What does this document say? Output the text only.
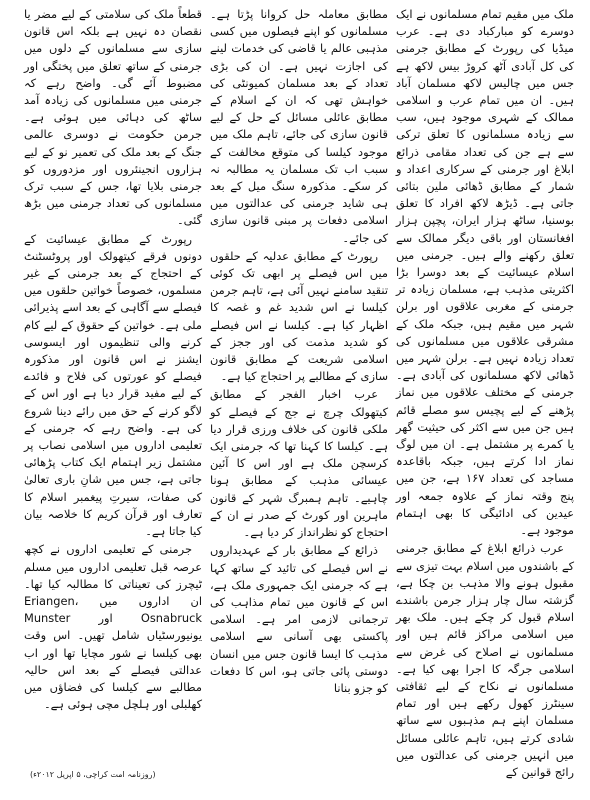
ملک میں مقیم تمام مسلمانوں نے ایک دوسرے کو مبارکباد دی ہے۔ عرب میڈیا کی رپورٹ کے مطابق جرمنی کی کل آبادی آٹھ کروڑ بیس لاکھ ہے جس میں چالیس لاکھ مسلمان آباد ہیں۔ ان میں تمام عرب و اسلامی ممالک کے شہری موجود ہیں، سب سے زیادہ مسلمانوں کا تعلق ترکی سے ہے جن کی تعداد مقامی ذرائع ابلاغ اور جرمنی کے سرکاری اعداد و شمار کے مطابق ڈھائی ملین بتائی جاتی ہے۔ ڈیڑھ لاکھ افراد کا تعلق بوسنیا، ساٹھ ہزار ایران، پچپن ہزار افغانستان اور باقی دیگر ممالک سے تعلق رکھنے والے ہیں۔ جرمنی میں اسلام عیسائیت کے بعد دوسرا بڑا اکثریتی مذہب ہے، مسلمان زیادہ تر جرمنی کے مغربی علاقوں اور برلن شہر میں مقیم ہیں، جبکہ ملک کے مشرقی علاقوں میں مسلمانوں کی تعداد زیادہ نہیں ہے۔ برلن شہر میں ڈھائی لاکھ مسلمانوں کی آبادی ہے۔ جرمنی کے مختلف علاقوں میں نماز پڑھنے کے لیے پچیس سو مصلے قائم ہیں جن میں سے اکثر کی حیثیت گھر یا کمرے پر مشتمل ہے۔ ان میں لوگ نماز ادا کرتے ہیں، جبکہ باقاعدہ مساجد کی تعداد ۱۶۷ ہے، جن میں پنج وقتہ نماز کے علاوہ جمعہ اور عیدین کی ادائیگی کا بھی اہتمام موجود ہے۔

عرب ذرائع ابلاغ کے مطابق جرمنی کے باشندوں میں اسلام بہت تیزی سے مقبول ہونے والا مذہب بن چکا ہے، گزشتہ سال چار ہزار جرمن باشندے اسلام قبول کر چکے ہیں۔ ملک بھر میں اسلامی مراکز قائم ہیں اور مسلمانوں نے اصلاح کی غرض سے اسلامی جرگہ کا اجرا بھی کیا ہے۔ مسلمانوں نے نکاح کے لیے ثقافتی سینٹرز کھول رکھے ہیں اور تمام مسلمان اپنے ہم مذہبوں سے ساتھ شادی کرتے ہیں، تاہم عائلی مسائل میں انہیں جرمنی کی عدالتوں میں رائج قوانین کے

مطابق معاملہ حل کروانا پڑتا ہے۔ مسلمانوں کو اپنے فیصلوں میں کسی مذہبی عالم یا قاضی کی خدمات لینے کی اجازت نہیں ہے۔ ان کی بڑی تعداد کے بعد مسلمان کمیونٹی کی خواہش تھی کہ ان کے اسلام کے مطابق عائلی مسائل کے حل کے لیے قانون سازی کی جائے، تاہم ملک میں موجود کیلسا کی متوقع مخالفت کے سبب اب تک مسلمان یہ مطالبہ نہ کر سکے۔ مذکورہ سنگ میل کے بعد ہی شاید جرمنی کی عدالتوں میں اسلامی دفعات پر مبنی قانون سازی کی جائے۔

رپورٹ کے مطابق عدلیہ کے حلقوں میں اس فیصلے پر ابھی تک کوئی تنقید سامنے نہیں آئی ہے، تاہم جرمن کیلسا نے اس شدید غم و غصہ کا اظہار کیا ہے۔ کیلسا نے اس فیصلے کو شدید مذمت کی اور ججز کے اسلامی شریعت کے مطابق قانون سازی کے مطالبے پر احتجاج کیا ہے۔

عرب اخبار الفجر کے مطابق کیتھولک چرچ نے جج کے فیصلے کو ملکی قانون کی خلاف ورزی قرار دیا ہے۔ کیلسا کا کہنا تھا کہ جرمنی ایک کرسچن ملک ہے اور اس کا آئین عیسائی مذہب کے مطابق ہونا چاہیے۔ تاہم ہمبرگ شہر کے قانون ماہرین اور کورٹ کے صدر نے ان کے احتجاج کو نظرانداز کر دیا ہے۔

ذرائع کے مطابق بار کے عہدیداروں نے اس فیصلے کی تائید کے ساتھ کہا ہے کہ جرمنی ایک جمہوری ملک ہے، اس کے قانون میں تمام مذاہب کی ترجمانی لازمی امر ہے۔ اسلامی پاکستی بھی آسانی سے اسلامی مذہب کا ایسا قانون جس میں انسان دوستی پائی جاتی ہو، اس کا دفعات کو جزو بنانا

قطعاً ملک کی سلامتی کے لیے مضر یا نقصان دہ نہیں ہے بلکہ اس قانون سازی سے مسلمانوں کے دلوں میں جرمنی کے ساتھ تعلق میں پختگی اور مضبوط آئے گی۔ واضح رہے کہ جرمنی میں مسلمانوں کی زیادہ آمد ساٹھ کی دہائی میں ہوئی ہے۔ جرمن حکومت نے دوسری عالمی جنگ کے بعد ملک کی تعمیر نو کے لیے ہزاروں انجینئروں اور مزدوروں کو جرمنی بلایا تھا، جس کے سبب ترک مسلمانوں کی تعداد جرمنی میں بڑھ گئی۔

رپورٹ کے مطابق عیسائیت کے دونوں فرقے کیتھولک اور پروٹسٹنٹ کے احتجاج کے بعد جرمنی کے غیر مسلموں، خصوصاً خواتین حلقوں میں فیصلے سے آگاہی کے بعد اسے پذیرائی ملی ہے۔ خواتین کے حقوق کے لیے کام کرنے والی تنظیموں اور ایسوسی ایشنز نے اس قانون اور مذکورہ فیصلے کو عورتوں کی فلاح و فائدے کے لیے مفید قرار دیا ہے اور اس کے لاگو کرنے کے حق میں رائے دینا شروع کی ہے۔ واضح رہے کہ جرمنی کے تعلیمی اداروں میں اسلامی نصاب پر مشتمل زیر اہتمام ایک کتاب پڑھائی جاتی ہے، جس میں شانِ باری تعالیٰ کی صفات، سیرتِ پیغمبر اسلام کا تعارف اور قرآن کریم کا خلاصہ بیان کیا جاتا ہے۔

جرمنی کے تعلیمی اداروں نے کچھ عرصہ قبل تعلیمی اداروں میں مسلم ٹیچرز کی تعیناتی کا مطالبہ کیا تھا۔ ان اداروں میں Eriangen، Osnabruck اور Munster یونیورسٹیاں شامل تھیں۔ اس وقت بھی کیلسا نے شور مچایا تھا اور اب عدالتی فیصلے کے بعد اس حالیہ مطالبے سے کیلسا کی فضاؤں میں کھلبلی اور ہلچل مچی ہوئی ہے۔

(روزنامہ امت کراچی، ۵ اپریل ۲۰۱۲ء)
